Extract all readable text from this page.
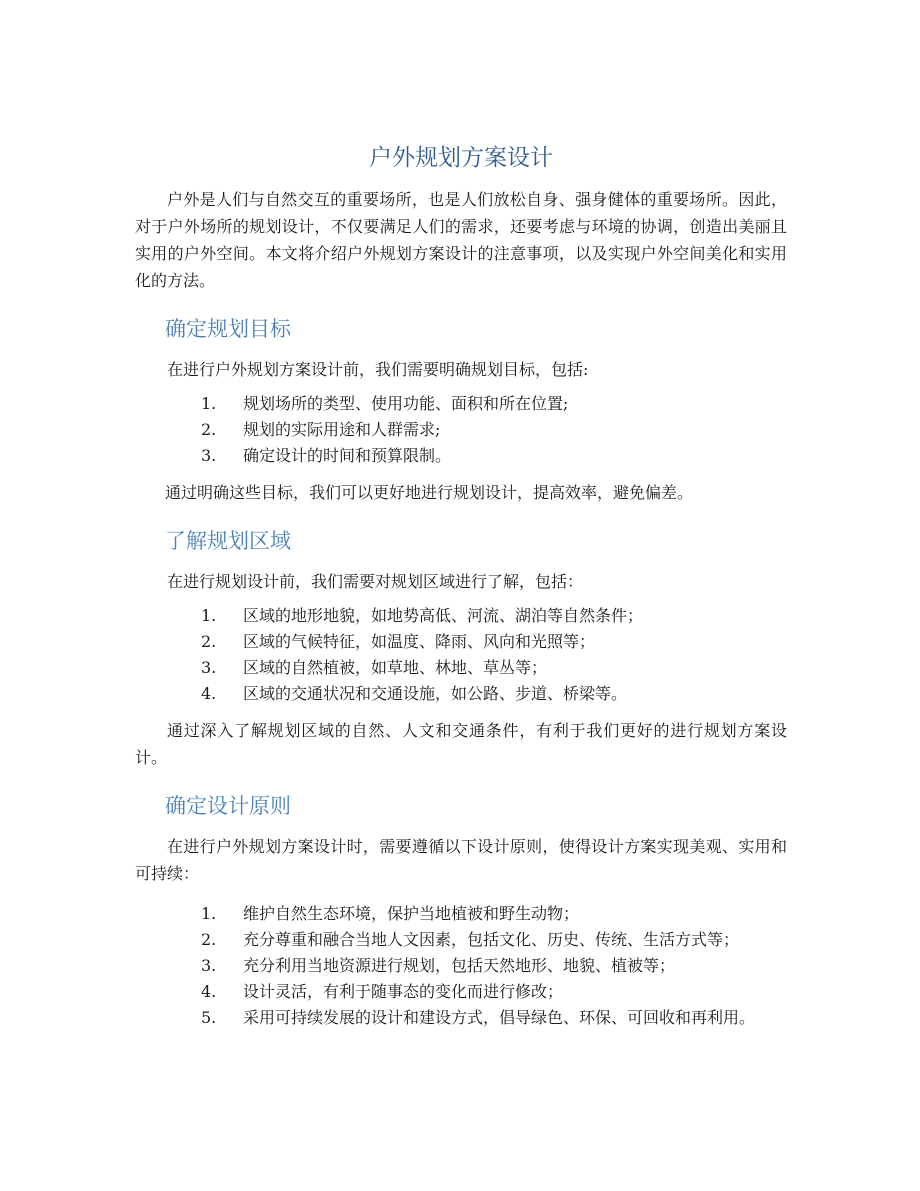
户外规划方案设计

户外是人们与自然交互的重要场所，也是人们放松自身、强身健体的重要场所。因此，对于户外场所的规划设计，不仅要满足人们的需求，还要考虑与环境的协调，创造出美丽且实用的户外空间。本文将介绍户外规划方案设计的注意事项，以及实现户外空间美化和实用化的方法。

确定规划目标

在进行户外规划方案设计前，我们需要明确规划目标，包括:

1. 规划场所的类型、使用功能、面积和所在位置;
2. 规划的实际用途和人群需求;
3. 确定设计的时间和预算限制。

通过明确这些目标，我们可以更好地进行规划设计，提高效率，避免偏差。

了解规划区域

在进行规划设计前，我们需要对规划区域进行了解，包括：

1. 区域的地形地貌，如地势高低、河流、湖泊等自然条件；
2. 区域的气候特征，如温度、降雨、风向和光照等；
3. 区域的自然植被，如草地、林地、草丛等；
4. 区域的交通状况和交通设施，如公路、步道、桥梁等。

通过深入了解规划区域的自然、人文和交通条件，有利于我们更好的进行规划方案设计。

确定设计原则

在进行户外规划方案设计时，需要遵循以下设计原则，使得设计方案实现美观、实用和可持续：

1. 维护自然生态环境，保护当地植被和野生动物；
2. 充分尊重和融合当地人文因素，包括文化、历史、传统、生活方式等；
3. 充分利用当地资源进行规划，包括天然地形、地貌、植被等；
4. 设计灵活，有利于随事态的变化而进行修改；
5. 采用可持续发展的设计和建设方式，倡导绿色、环保、可回收和再利用。
